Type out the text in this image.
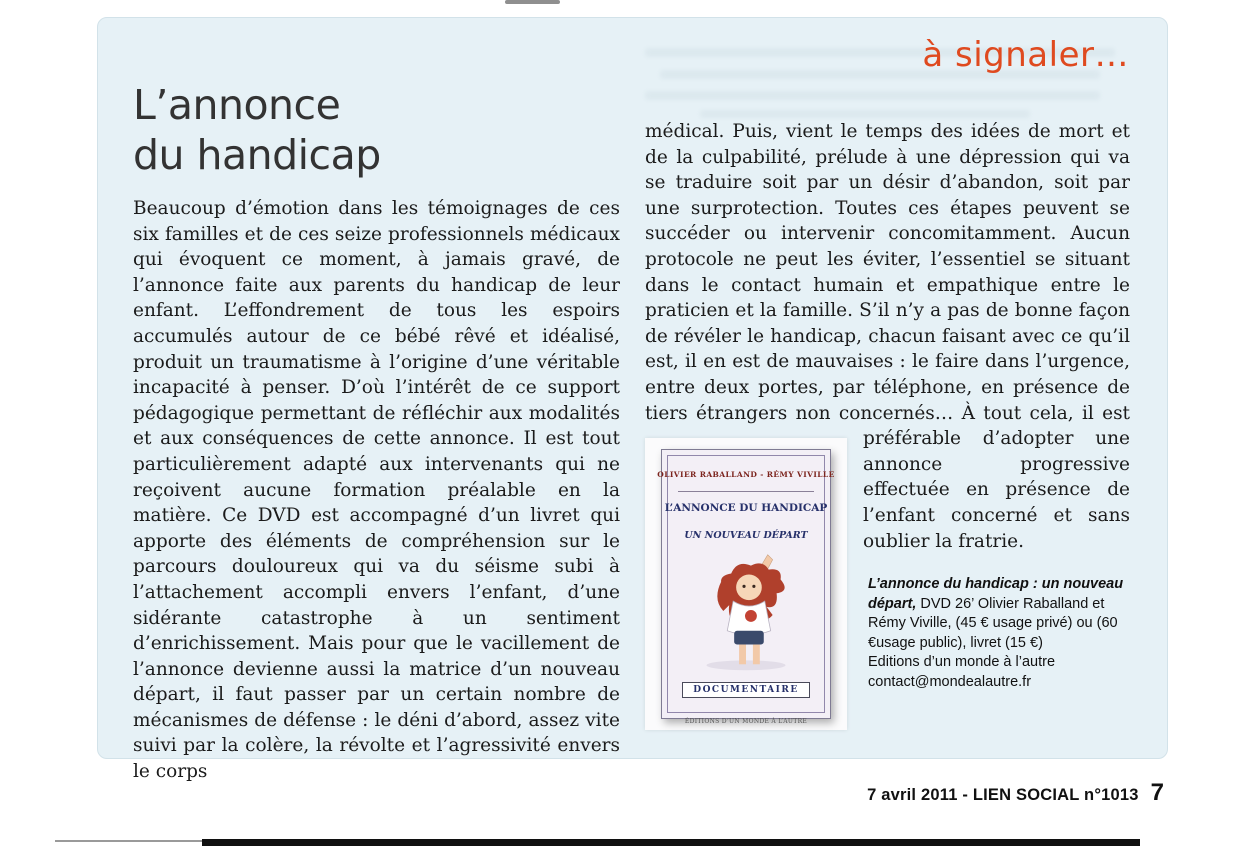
à signaler…
L’annonce
du handicap
Beaucoup d’émotion dans les témoignages de ces six familles et de ces seize professionnels médicaux qui évoquent ce moment, à jamais gravé, de l’annonce faite aux parents du handicap de leur enfant. L’effondrement de tous les espoirs accumulés autour de ce bébé rêvé et idéalisé, produit un traumatisme à l’origine d’une véritable incapacité à penser. D’où l’intérêt de ce support pédagogique permettant de réfléchir aux modalités et aux conséquences de cette annonce. Il est tout particulièrement adapté aux intervenants qui ne reçoivent aucune formation préalable en la matière. Ce DVD est accompagné d’un livret qui apporte des éléments de compréhension sur le parcours douloureux qui va du séisme subi à l’attachement accompli envers l’enfant, d’une sidérante catastrophe à un sentiment d’enrichissement. Mais pour que le vacillement de l’annonce devienne aussi la matrice d’un nouveau départ, il faut passer par un certain nombre de mécanismes de défense : le déni d’abord, assez vite suivi par la colère, la révolte et l’agressivité envers le corps
médical. Puis, vient le temps des idées de mort et de la culpabilité, prélude à une dépression qui va se traduire soit par un désir d’abandon, soit par une surprotection. Toutes ces étapes peuvent se succéder ou intervenir concomitamment. Aucun protocole ne peut les éviter, l’essentiel se situant dans le contact humain et empathique entre le praticien et la famille. S’il n’y a pas de bonne façon de révéler le handicap, chacun faisant avec ce qu’il est, il en est de mauvaises : le faire dans l’urgence, entre deux portes, par téléphone, en présence de tiers étrangers non concernés… À tout
OLIVIER RABALLAND - RÉMY VIVILLE
L’ANNONCE DU HANDICAP
UN NOUVEAU DÉPART
DOCUMENTAIRE
ÉDITIONS D’UN MONDE À L’AUTRE
cela, il est préférable d’adopter une annonce progressive effectuée en présence de l’enfant concerné et sans oublier la fratrie.
L’annonce du handicap : un nouveau départ, DVD 26’ Olivier Raballand et Rémy Viville, (45 € usage privé) ou (60 €usage public), livret (15 €)
Editions d’un monde à l’autre
contact@mondealautre.fr
7 avril 2011 - LIEN SOCIAL n°1013 7
